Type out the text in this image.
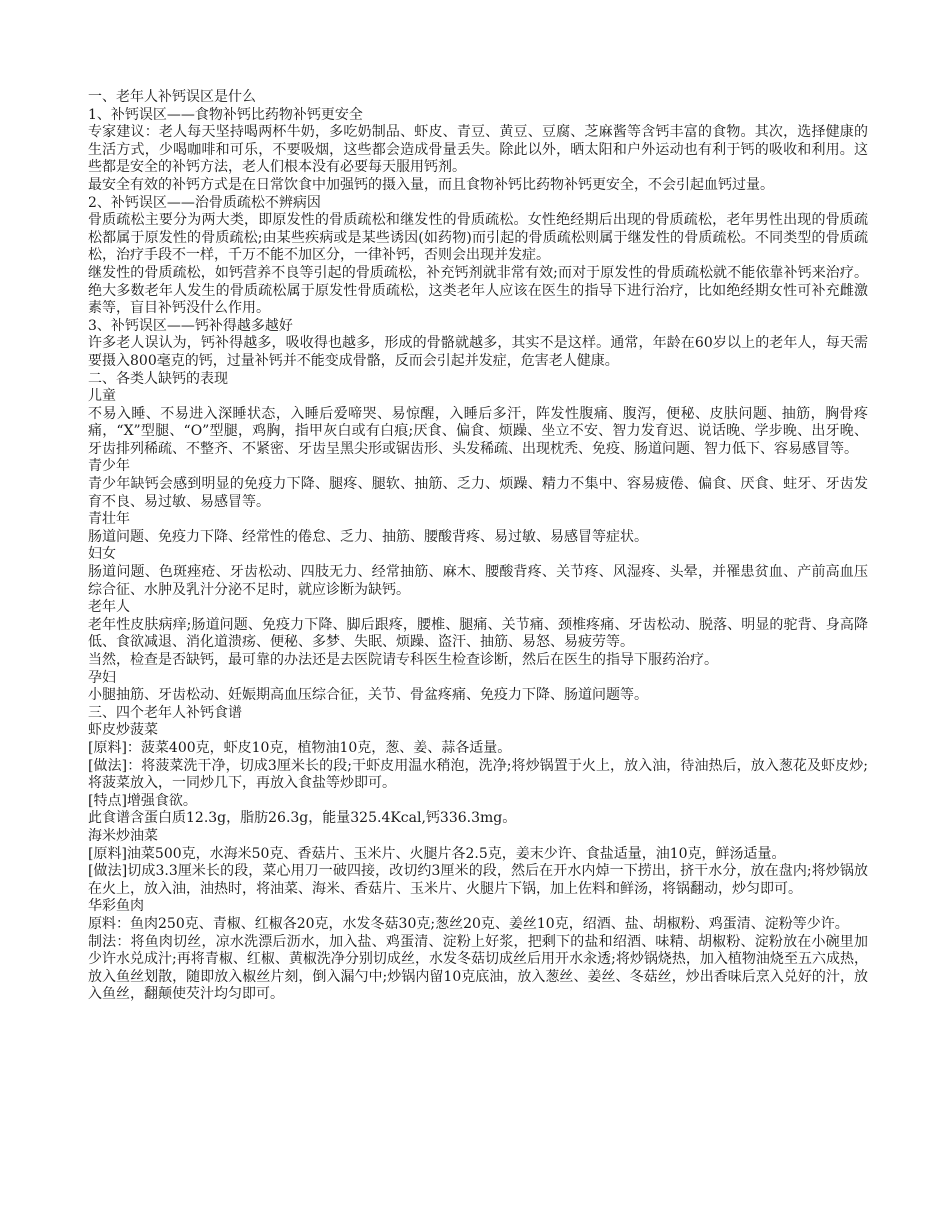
一、老年人补钙误区是什么

1、补钙误区——食物补钙比药物补钙更安全

专家建议：老人每天坚持喝两杯牛奶，多吃奶制品、虾皮、青豆、黄豆、豆腐、芝麻酱等含钙丰富的食物。其次，选择健康的生活方式，少喝咖啡和可乐，不要吸烟，这些都会造成骨量丢失。除此以外，晒太阳和户外运动也有利于钙的吸收和利用。这些都是安全的补钙方法，老人们根本没有必要每天服用钙剂。

最安全有效的补钙方式是在日常饮食中加强钙的摄入量，而且食物补钙比药物补钙更安全，不会引起血钙过量。

2、补钙误区——治骨质疏松不辨病因

骨质疏松主要分为两大类，即原发性的骨质疏松和继发性的骨质疏松。女性绝经期后出现的骨质疏松，老年男性出现的骨质疏松都属于原发性的骨质疏松;由某些疾病或是某些诱因(如药物)而引起的骨质疏松则属于继发性的骨质疏松。不同类型的骨质疏松，治疗手段不一样，千万不能不加区分，一律补钙，否则会出现并发症。

继发性的骨质疏松，如钙营养不良等引起的骨质疏松，补充钙剂就非常有效;而对于原发性的骨质疏松就不能依靠补钙来治疗。绝大多数老年人发生的骨质疏松属于原发性骨质疏松，这类老年人应该在医生的指导下进行治疗，比如绝经期女性可补充雌激素等，盲目补钙没什么作用。

3、补钙误区——钙补得越多越好

许多老人误认为，钙补得越多，吸收得也越多，形成的骨骼就越多，其实不是这样。通常，年龄在60岁以上的老年人，每天需要摄入800毫克的钙，过量补钙并不能变成骨骼，反而会引起并发症，危害老人健康。

二、各类人缺钙的表现

儿童

不易入睡、不易进入深睡状态，入睡后爱啼哭、易惊醒，入睡后多汗，阵发性腹痛、腹泻，便秘、皮肤问题、抽筋，胸骨疼痛，“X”型腿、“O”型腿，鸡胸，指甲灰白或有白痕;厌食、偏食、烦躁、坐立不安、智力发育迟、说话晚、学步晚、出牙晚、牙齿排列稀疏、不整齐、不紧密、牙齿呈黑尖形或锯齿形、头发稀疏、出现枕秃、免疫、肠道问题、智力低下、容易感冒等。

青少年

青少年缺钙会感到明显的免疫力下降、腿疼、腿软、抽筋、乏力、烦躁、精力不集中、容易疲倦、偏食、厌食、蛀牙、牙齿发育不良、易过敏、易感冒等。

青壮年

肠道问题、免疫力下降、经常性的倦怠、乏力、抽筋、腰酸背疼、易过敏、易感冒等症状。

妇女

肠道问题、色斑痤疮、牙齿松动、四肢无力、经常抽筋、麻木、腰酸背疼、关节疼、风湿疼、头晕，并罹患贫血、产前高血压综合征、水肿及乳汁分泌不足时，就应诊断为缺钙。

老年人

老年性皮肤病痒;肠道问题、免疫力下降、脚后跟疼，腰椎、腿痛、关节痛、颈椎疼痛、牙齿松动、脱落、明显的驼背、身高降低、食欲减退、消化道溃疡、便秘、多梦、失眠、烦躁、盗汗、抽筋、易怒、易疲劳等。

当然，检查是否缺钙，最可靠的办法还是去医院请专科医生检查诊断，然后在医生的指导下服药治疗。

孕妇

小腿抽筋、牙齿松动、妊娠期高血压综合征，关节、骨盆疼痛、免疫力下降、肠道问题等。

三、四个老年人补钙食谱

虾皮炒菠菜

[原料]：菠菜400克，虾皮10克，植物油10克，葱、姜、蒜各适量。

[做法]：将菠菜洗干净，切成3厘米长的段;干虾皮用温水稍泡，洗净;将炒锅置于火上，放入油，待油热后，放入葱花及虾皮炒;将菠菜放入，一同炒几下，再放入食盐等炒即可。

[特点]增强食欲。

此食谱含蛋白质12.3g，脂肪26.3g，能量325.4Kcal,钙336.3mg。

海米炒油菜

[原料]油菜500克，水海米50克、香菇片、玉米片、火腿片各2.5克，姜末少许、食盐适量，油10克，鲜汤适量。

[做法]切成3.3厘米长的段，菜心用刀一破四接，改切约3厘米的段，然后在开水内焯一下捞出，挤干水分，放在盘内;将炒锅放在火上，放入油，油热时，将油菜、海米、香菇片、玉米片、火腿片下锅，加上佐料和鲜汤，将锅翻动，炒匀即可。

华彩鱼肉

原料：鱼肉250克、青椒、红椒各20克，水发冬菇30克;葱丝20克、姜丝10克，绍酒、盐、胡椒粉、鸡蛋清、淀粉等少许。

制法：将鱼肉切丝，凉水洗漂后沥水，加入盐、鸡蛋清、淀粉上好浆，把剩下的盐和绍酒、味精、胡椒粉、淀粉放在小碗里加少许水兑成汁;再将青椒、红椒、黄椒洗净分别切成丝，水发冬菇切成丝后用开水汆透;将炒锅烧热，加入植物油烧至五六成热，放入鱼丝划散，随即放入椒丝片刻，倒入漏勺中;炒锅内留10克底油，放入葱丝、姜丝、冬菇丝，炒出香味后烹入兑好的汁，放入鱼丝，翻颠使芡汁均匀即可。
